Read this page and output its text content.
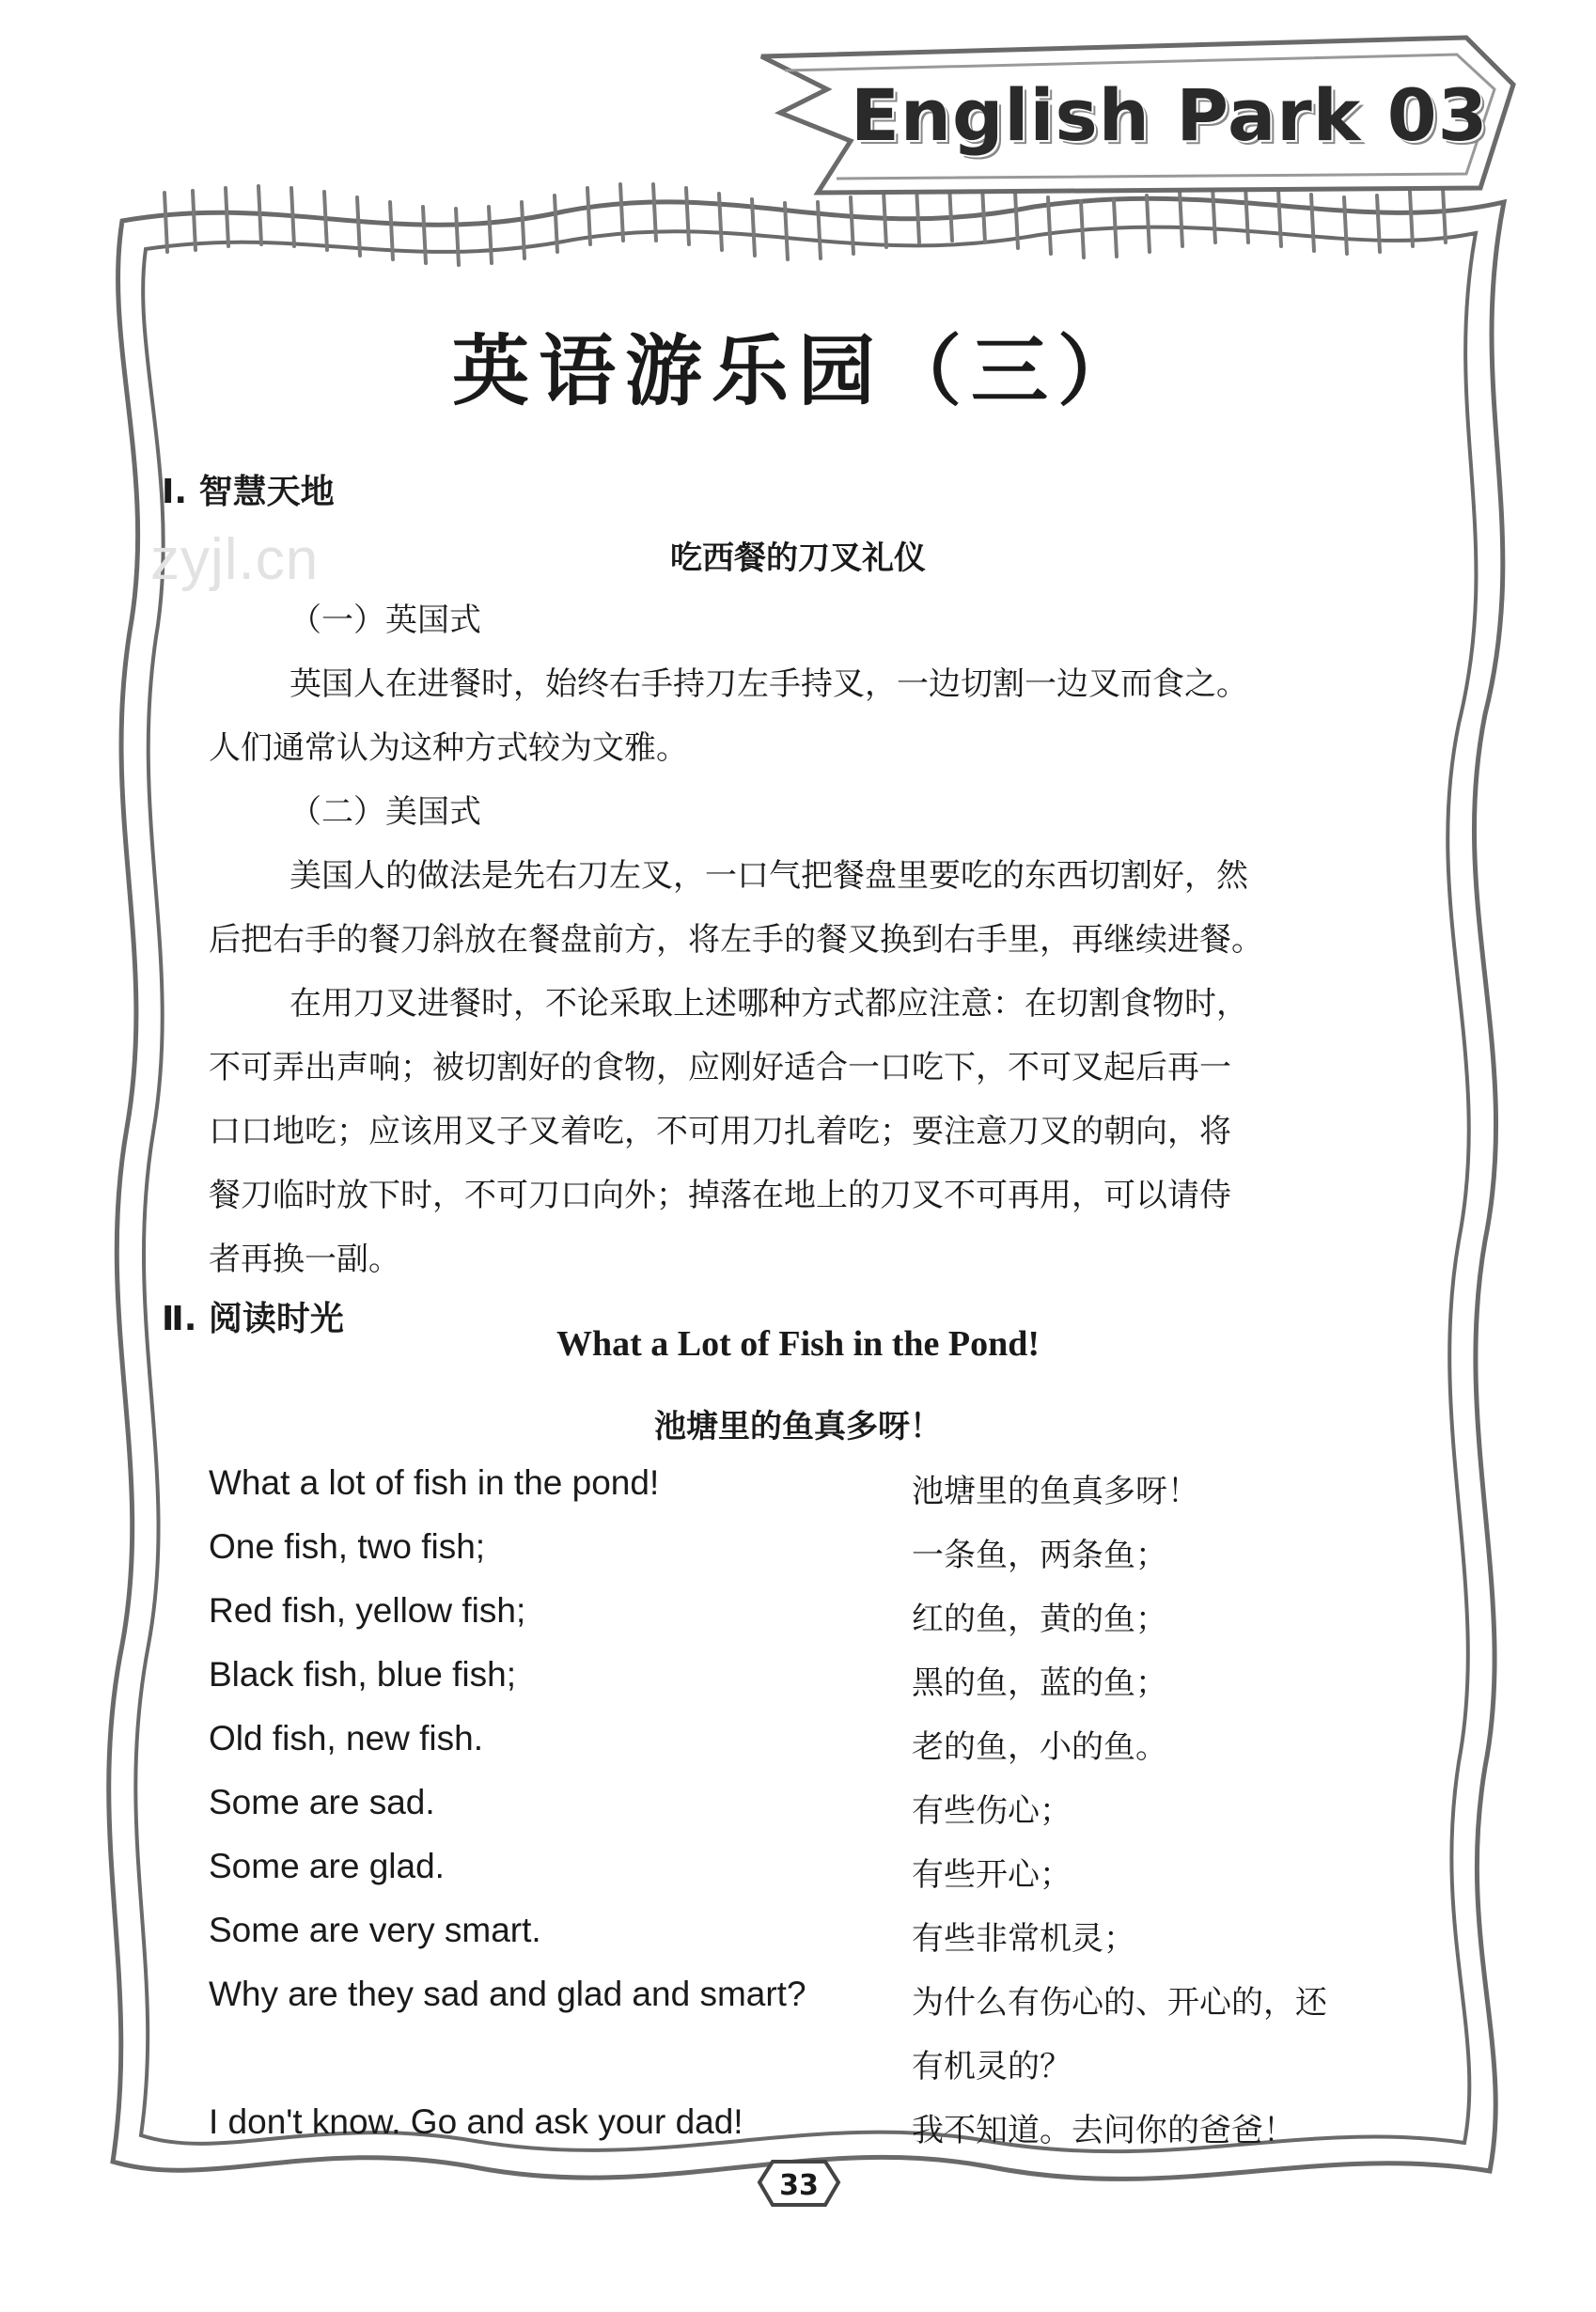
English Park 03
zyjl.cn
英语游乐园（三）
Ⅰ. 智慧天地
吃西餐的刀叉礼仪
（一）英国式
英国人在进餐时，始终右手持刀左手持叉，一边切割一边叉而食之。
人们通常认为这种方式较为文雅。
（二）美国式
美国人的做法是先右刀左叉，一口气把餐盘里要吃的东西切割好，然
后把右手的餐刀斜放在餐盘前方，将左手的餐叉换到右手里，再继续进餐。
在用刀叉进餐时，不论采取上述哪种方式都应注意：在切割食物时，
不可弄出声响；被切割好的食物，应刚好适合一口吃下，不可叉起后再一
口口地吃；应该用叉子叉着吃，不可用刀扎着吃；要注意刀叉的朝向，将
餐刀临时放下时，不可刀口向外；掉落在地上的刀叉不可再用，可以请侍
者再换一副。
Ⅱ. 阅读时光
What a Lot of Fish in the Pond!
池塘里的鱼真多呀！
What a lot of fish in the pond!
One fish, two fish;
Red fish, yellow fish;
Black fish, blue fish;
Old fish, new fish.
Some are sad.
Some are glad.
Some are very smart.
Why are they sad and glad and smart?
I don't know. Go and ask your dad!
池塘里的鱼真多呀！
一条鱼，两条鱼；
红的鱼，黄的鱼；
黑的鱼，蓝的鱼；
老的鱼，小的鱼。
有些伤心；
有些开心；
有些非常机灵；
为什么有伤心的、开心的，还
有机灵的？
我不知道。去问你的爸爸！
33
